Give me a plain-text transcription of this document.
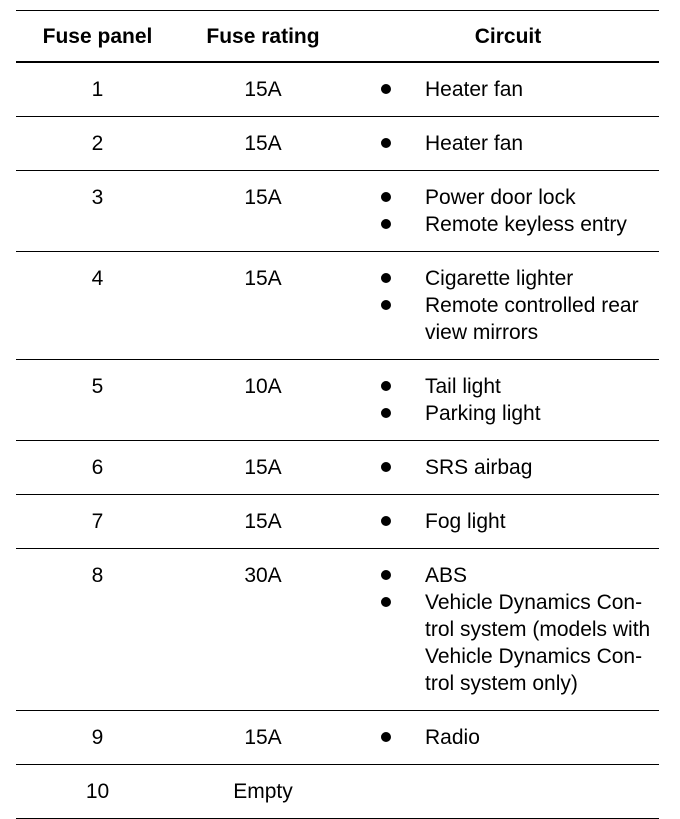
Fuse panel	Fuse rating	Circuit
1	15A	Heater fan
2	15A	Heater fan
3	15A	Power door lock
Remote keyless entry
4	15A	Cigarette lighter
Remote controlled rear view mirrors
5	10A	Tail light
Parking light
6	15A	SRS airbag
7	15A	Fog light
8	30A	ABS
Vehicle Dynamics Control system (models with Vehicle Dynamics Control system only)
9	15A	Radio
10	Empty
